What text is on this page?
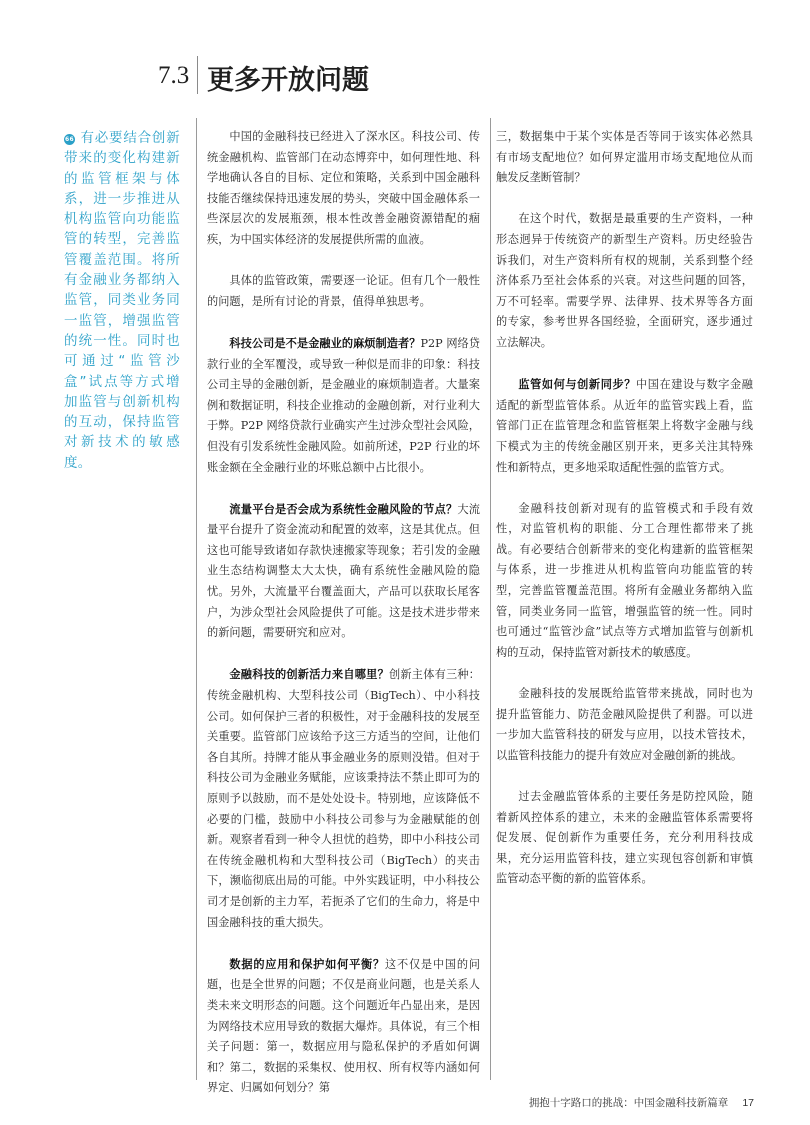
7.3 更多开放问题
66 有必要结合创新带来的变化构建新的监管框架与体系，进一步推进从机构监管向功能监管的转型，完善监管覆盖范围。将所有金融业务都纳入监管，同类业务同一监管，增强监管的统一性。同时也可通过“监管沙盒”试点等方式增加监管与创新机构的互动，保持监管对新技术的敏感度。

中国的金融科技已经进入了深水区。科技公司、传统金融机构、监管部门在动态博弈中，如何理性地、科学地确认各自的目标、定位和策略，关系到中国金融科技能否继续保持迅速发展的势头，突破中国金融体系一些深层次的发展瓶颈，根本性改善金融资源错配的痼疾，为中国实体经济的发展提供所需的血液。

具体的监管政策，需要逐一论证。但有几个一般性的问题，是所有讨论的背景，值得单独思考。

科技公司是不是金融业的麻烦制造者？P2P 网络贷款行业的全军覆没，或导致一种似是而非的印象：科技公司主导的金融创新，是金融业的麻烦制造者。大量案例和数据证明，科技企业推动的金融创新，对行业利大于弊。P2P 网络贷款行业确实产生过涉众型社会风险，但没有引发系统性金融风险。如前所述，P2P 行业的坏账金额在全金融行业的坏账总额中占比很小。

流量平台是否会成为系统性金融风险的节点？大流量平台提升了资金流动和配置的效率，这是其优点。但这也可能导致诸如存款快速搬家等现象；若引发的金融业生态结构调整太大太快，确有系统性金融风险的隐忧。另外，大流量平台覆盖面大，产品可以获取长尾客户，为涉众型社会风险提供了可能。这是技术进步带来的新问题，需要研究和应对。

金融科技的创新活力来自哪里？创新主体有三种：传统金融机构、大型科技公司（BigTech）、中小科技公司。如何保护三者的积极性，对于金融科技的发展至关重要。监管部门应该给予这三方适当的空间，让他们各自其所。持牌才能从事金融业务的原则没错。但对于科技公司为金融业务赋能，应该秉持法不禁止即可为的原则予以鼓励，而不是处处设卡。特别地，应该降低不必要的门槛，鼓励中小科技公司参与为金融赋能的创新。观察者看到一种令人担忧的趋势，即中小科技公司在传统金融机构和大型科技公司（BigTech）的夹击下，濒临彻底出局的可能。中外实践证明，中小科技公司才是创新的主力军，若扼杀了它们的生命力，将是中国金融科技的重大损失。

数据的应用和保护如何平衡？这不仅是中国的问题，也是全世界的问题；不仅是商业问题，也是关系人类未来文明形态的问题。这个问题近年凸显出来，是因为网络技术应用导致的数据大爆炸。具体说，有三个相关子问题：第一，数据应用与隐私保护的矛盾如何调和？第二，数据的采集权、使用权、所有权等内涵如何界定、归属如何划分？第

三，数据集中于某个实体是否等同于该实体必然具有市场支配地位？如何界定滥用市场支配地位从而触发反垄断管制？

在这个时代，数据是最重要的生产资料，一种形态迥异于传统资产的新型生产资料。历史经验告诉我们，对生产资料所有权的规制，关系到整个经济体系乃至社会体系的兴衰。对这些问题的回答，万不可轻率。需要学界、法律界、技术界等各方面的专家，参考世界各国经验，全面研究，逐步通过立法解决。

监管如何与创新同步？中国在建设与数字金融适配的新型监管体系。从近年的监管实践上看，监管部门正在监管理念和监管框架上将数字金融与线下模式为主的传统金融区别开来，更多关注其特殊性和新特点，更多地采取适配性强的监管方式。

金融科技创新对现有的监管模式和手段有效性，对监管机构的职能、分工合理性都带来了挑战。有必要结合创新带来的变化构建新的监管框架与体系，进一步推进从机构监管向功能监管的转型，完善监管覆盖范围。将所有金融业务都纳入监管，同类业务同一监管，增强监管的统一性。同时也可通过“监管沙盒”试点等方式增加监管与创新机构的互动，保持监管对新技术的敏感度。

金融科技的发展既给监管带来挑战，同时也为提升监管能力、防范金融风险提供了利器。可以进一步加大监管科技的研发与应用，以技术管技术，以监管科技能力的提升有效应对金融创新的挑战。

过去金融监管体系的主要任务是防控风险，随着新风控体系的建立，未来的金融监管体系需要将促发展、促创新作为重要任务，充分利用科技成果，充分运用监管科技，建立实现包容创新和审慎监管动态平衡的新的监管体系。

拥抱十字路口的挑战：中国金融科技新篇章 17
